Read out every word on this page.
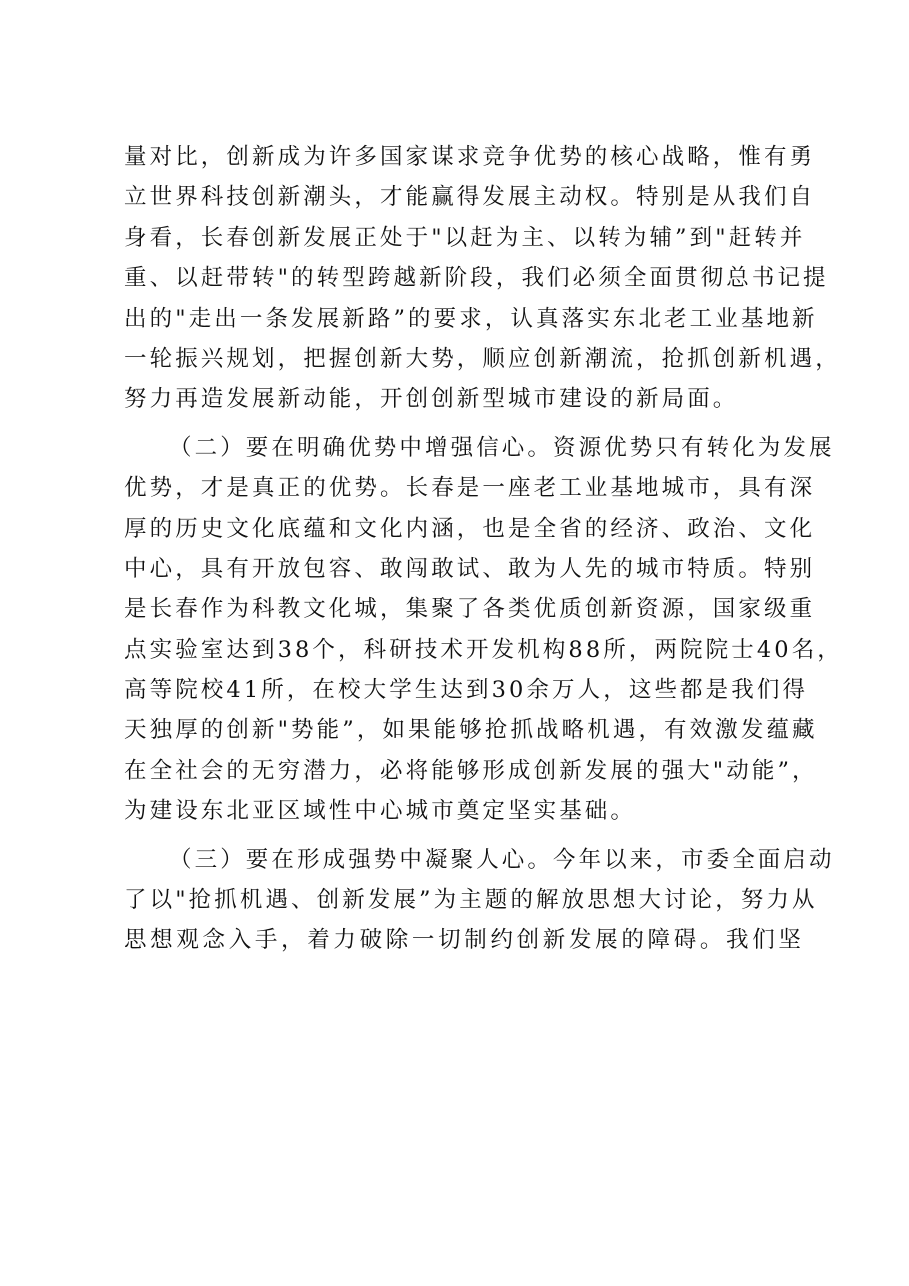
量对比，创新成为许多国家谋求竞争优势的核心战略，惟有勇
立世界科技创新潮头，才能赢得发展主动权。特别是从我们自
身看，长春创新发展正处于"以赶为主、以转为辅”到"赶转并
重、以赶带转"的转型跨越新阶段，我们必须全面贯彻总书记提
出的"走出一条发展新路”的要求，认真落实东北老工业基地新
一轮振兴规划，把握创新大势，顺应创新潮流，抢抓创新机遇，
努力再造发展新动能，开创创新型城市建设的新局面。
（二）要在明确优势中增强信心。资源优势只有转化为发展
优势，才是真正的优势。长春是一座老工业基地城市，具有深
厚的历史文化底蕴和文化内涵，也是全省的经济、政治、文化
中心，具有开放包容、敢闯敢试、敢为人先的城市特质。特别
是长春作为科教文化城，集聚了各类优质创新资源，国家级重
点实验室达到38个，科研技术开发机构88所，两院院士40名，
高等院校41所，在校大学生达到30余万人，这些都是我们得
天独厚的创新"势能”，如果能够抢抓战略机遇，有效激发蕴藏
在全社会的无穷潜力，必将能够形成创新发展的强大"动能”，
为建设东北亚区域性中心城市奠定坚实基础。
（三）要在形成强势中凝聚人心。今年以来，市委全面启动
了以"抢抓机遇、创新发展”为主题的解放思想大讨论，努力从
思想观念入手，着力破除一切制约创新发展的障碍。我们坚
